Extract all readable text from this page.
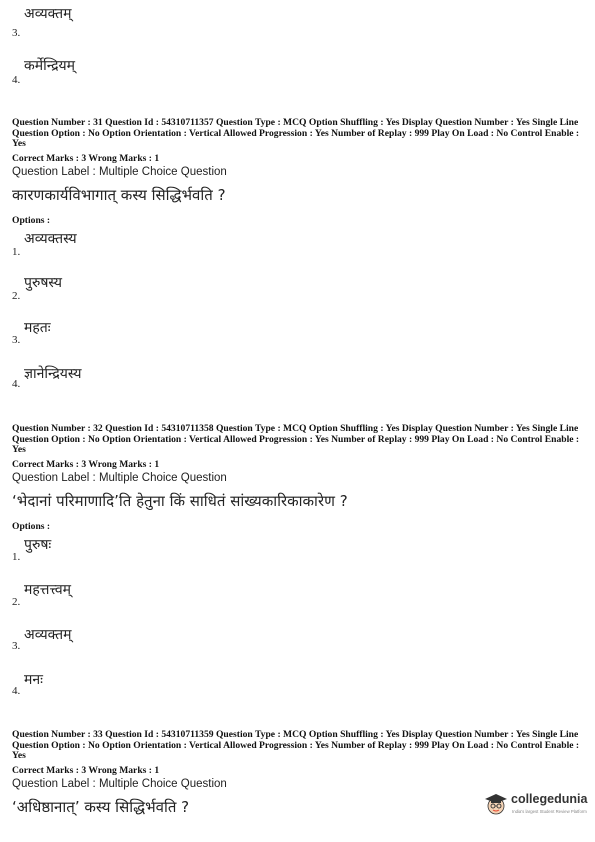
अव्यक्तम्
3.
कर्मेन्द्रियम्
4.
Question Number : 31 Question Id : 54310711357 Question Type : MCQ Option Shuffling : Yes Display Question Number : Yes Single Line Question Option : No Option Orientation : Vertical Allowed Progression : Yes Number of Replay : 999 Play On Load : No Control Enable : Yes
Correct Marks : 3 Wrong Marks : 1
Question Label : Multiple Choice Question
कारणकार्यविभागात् कस्य सिद्धिर्भवति ?
Options :
अव्यक्तस्य
1.
पुरुषस्य
2.
महतः
3.
ज्ञानेन्द्रियस्य
4.
Question Number : 32 Question Id : 54310711358 Question Type : MCQ Option Shuffling : Yes Display Question Number : Yes Single Line Question Option : No Option Orientation : Vertical Allowed Progression : Yes Number of Replay : 999 Play On Load : No Control Enable : Yes
Correct Marks : 3 Wrong Marks : 1
Question Label : Multiple Choice Question
‘भेदानां परिमाणादि’ति हेतुना किं साधितं सांख्यकारिकाकारेण ?
Options :
पुरुषः
1.
महत्तत्त्वम्
2.
अव्यक्तम्
3.
मनः
4.
Question Number : 33 Question Id : 54310711359 Question Type : MCQ Option Shuffling : Yes Display Question Number : Yes Single Line Question Option : No Option Orientation : Vertical Allowed Progression : Yes Number of Replay : 999 Play On Load : No Control Enable : Yes
Correct Marks : 3 Wrong Marks : 1
Question Label : Multiple Choice Question
‘अधिष्ठानात्’ कस्य सिद्धिर्भवति ?	collegedunia
India's largest Student Review Platform
